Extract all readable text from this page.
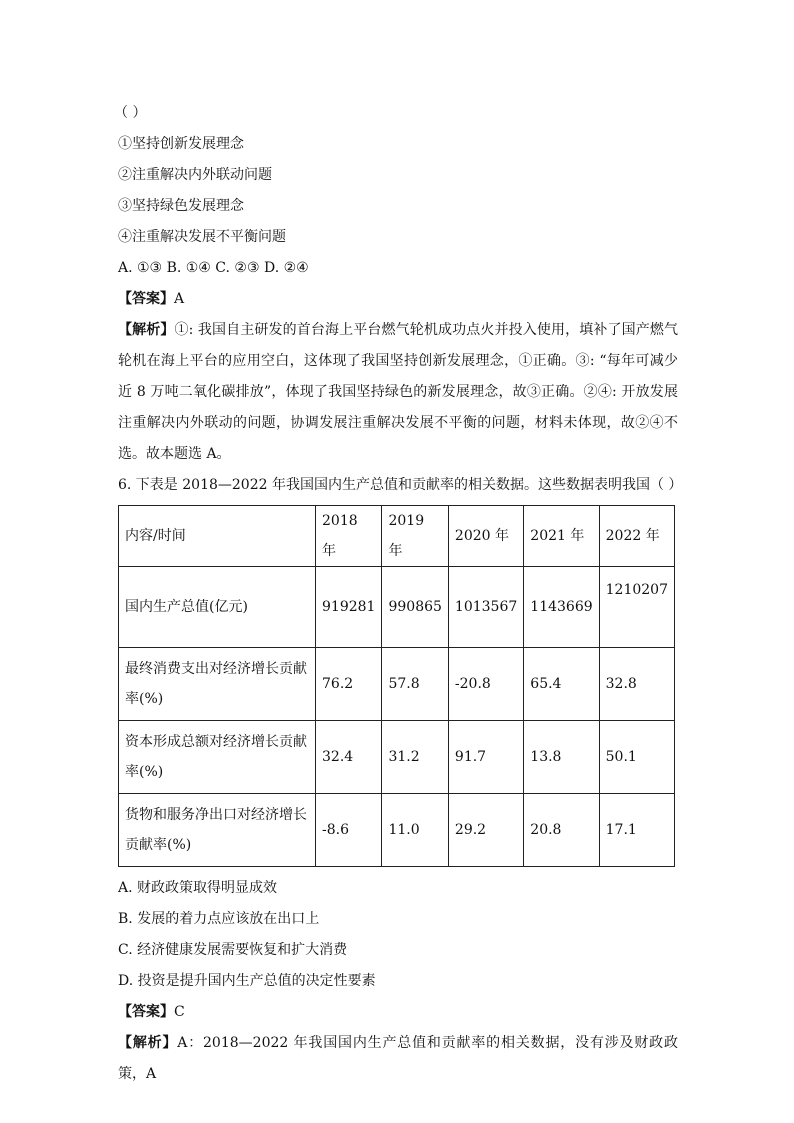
（ ）
①坚持创新发展理念
②注重解决内外联动问题
③坚持绿色发展理念
④注重解决发展不平衡问题
A. ①③ B. ①④ C. ②③ D. ②④
【答案】A
【解析】①: 我国自主研发的首台海上平台燃气轮机成功点火并投入使用，填补了国产燃气轮机在海上平台的应用空白，这体现了我国坚持创新发展理念，①正确。③: “每年可减少近 8 万吨二氧化碳排放”，体现了我国坚持绿色的新发展理念，故③正确。②④: 开放发展注重解决内外联动的问题，协调发展注重解决发展不平衡的问题，材料未体现，故②④不选。故本题选 A。
6. 下表是 2018—2022 年我国国内生产总值和贡献率的相关数据。这些数据表明我国（ ）
内容/时间	2018 年	2019 年	2020 年	2021 年	2022 年
国内生产总值(亿元)	919281	990865	1013567	1143669	1210207
最终消费支出对经济增长贡献率(%)	76.2	57.8	-20.8	65.4	32.8
资本形成总额对经济增长贡献率(%)	32.4	31.2	91.7	13.8	50.1
货物和服务净出口对经济增长贡献率(%)	-8.6	11.0	29.2	20.8	17.1
A. 财政政策取得明显成效
B. 发展的着力点应该放在出口上
C. 经济健康发展需要恢复和扩大消费
D. 投资是提升国内生产总值的决定性要素
【答案】C
【解析】A：2018—2022 年我国国内生产总值和贡献率的相关数据，没有涉及财政政策，A
